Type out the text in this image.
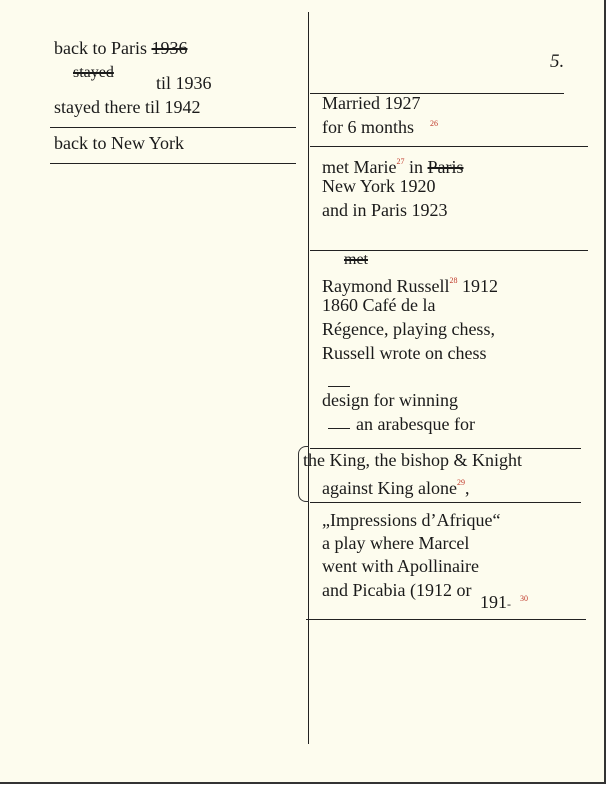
5.
back to Paris 1936
stayed
til 1936
stayed there til 1942
back to New York
Married 1927
for 6 months 26
met Marie$^{27}$ in Paris
New York 1920
and in Paris 1923
met
Raymond Russell$^{28}$ 1912
1860 Café de la
Régence, playing chess,
Russell wrote on chess
design for winning
an arabesque for
the King, the bishop & Knight
against King alone$^{29}$,
„Impressions d’Afrique“
a play where Marcel
went with Apollinaire
and Picabia (1912 or
191- 30
